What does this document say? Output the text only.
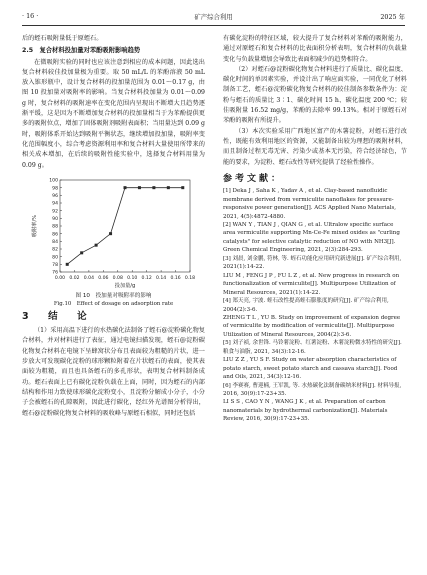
· 16 ·	矿产综合利用	2025 年

后的蛭石吸附量低于原蛭石。

2.5　复合材料投加量对苯酚吸附影响趋势

在微吸附实验的同时也应该注意到相应的成本问题，因此选出复合材料较佳投加量极为重要。取 50 mL/L 的苯酚溶液 50 mL 放入锥形瓶中，设计复合材料的投加量范围为 0.01～0.17 g，由图 10 投加量对吸附率的影响。当复合材料投加量为 0.01～0.09 g 时，复合材料的吸附速率在变化范围内呈现出不断增大且趋势逐渐平缓，这是因为不断增加复合材料的投加量相当于为苯酚提供更多的吸附位点，增加了固体吸附剂吸附表面积；当用量达到 0.09 g 时，吸附体系开始达到吸附平衡状态，继续增加投加量，吸附率变化范围幅度小，综合考虑资源利用率和复合材料大量使用所带来的相关成本增加，在后续的吸附性能实验中，选择复合材料用量为 0.09 g。

0.00 0.02 0.04 0.06 0.08 0.10 0.12 0.14 0.16 0.18
76
78
80
82
84
86
88
90
92
94
96
98
100
投加量/g
吸附率/%

图 10　投加量对吸附率的影响

Fig.10　Effect of dosage on adsorption rate

3　结　论

（1）采用高温下进行的水热碳化法制备了蛭石@淀粉碳化物复合材料，并对材料进行了表征，通过电镜扫描发现，蛭石@淀粉碳化物复合材料在电镜下呈蜂窝状分布且表面较为粗糙的片状，进一步放大可发现碳化淀粉的球形颗粒附着在片状蛭石的表面，使其表面较为粗糙，而且也具备蛭石的多孔形状，表明复合材料制备成功。蛭石表面上已有碳化淀粉负载在上面，同时，因为蛭石的内部结构和作用力致使球形碳化淀粉变小，且淀粉分解成小分子，小分子会被蛭石的孔隙吸附，因此进行碳化，经红外光谱图分析得出，蛭石@淀粉碳化物复合材料的吸收峰与原蛭石相似，同时还包括

有碳化淀粉的特征区域，较大提升了复合材料对苯酚的吸附能力，通过对原蛭石和复合材料的比表面积分析表明，复合材料的负载量变化与负载量增加会导致比表面积减少的趋势相符合。

（2）对蛭石@淀粉碳化物复合材料进行了质量比、碳化温度、碳化时间的单因素实验，并设计出了响应面实验，一同优化了材料制备工艺，蛭石@淀粉碳化物复合材料的较佳制备参数条件为：淀粉与蛭石的质量比 3∶1、碳化时间 15 h、碳化温度 200 ℃；较佳吸附量 16.52 mg/g，苯酚的去除率 99.13%。相对于原蛭石对苯酚的吸附有所提升。

（3）本次实验采用广西地区富产的木薯淀粉，对蛭石进行改性，既能有效利用地区的资源，又能制备出较为理想的吸附材料，而且制备过程无毒无害、污染少或基本无污染，符合经济绿色，节能的要求，为淀粉、蛭石改性等研究提供了经验性操作。

参考文献：

[1] Deka J , Saha K , Yadav A , et al. Clay-based nanofluidic membrane derived from vermiculite nanoflakes for pressure-responsive power generation[J]. ACS Applied Nano Materials, 2021, 4(5):4872-4880.

[2] WAN Y , TIAN J , QIAN G , et al. Ultralow specific surface area vermiculite supporting Mn-Ce-Fe mixed oxides as "curling catalysts" for selective catalytic reduction of NO with NH3[J]. Green Chemical Engineering, 2021, 2(3):284-293.

[3] 刘晨, 刘金鹏, 符林, 等. 蛭石功能化应用研究新进展[J]. 矿产综合利用, 2021(1):14-22.

LIU M , FENG J P , FU L Z , et al. New progress in research on functionalization of vermiculite[J]. Multipurpose Utilization of Mineral Resources, 2021(1):14-22.

[4] 郑天亮, 宇波. 蛭石改性提高蛭石膨胀度的研究[J]. 矿产综合利用, 2004(2):3-6.

ZHENG T L , YU B. Study on improvement of expansion degree of vermiculite by modification of vermiculite[J]. Multipurpose Utilization of Mineral Resources, 2004(2):3-6.

[5] 刘子祯, 余世锋. 马铃薯淀粉、红薯淀粉、木薯淀粉微水特性的研究[J]. 粮食与油脂, 2021, 34(3):12-16.

LIU Z Z , YU S F. Study on water absorption characteristics of potato starch, sweet potato starch and cassava starch[J]. Food and Oils, 2021, 34(3):12-16.

[6] 李赛赛, 曹迎楠, 王军凯, 等. 水热碳化法制备碳纳米材料[J]. 材料导报, 2016, 30(9):17-23+35.

LI S S , CAO Y N , WANG J K , et al. Preparation of carbon nanomaterials by hydrothermal carbonization[J]. Materials Review, 2016, 30(9):17-23+35.
